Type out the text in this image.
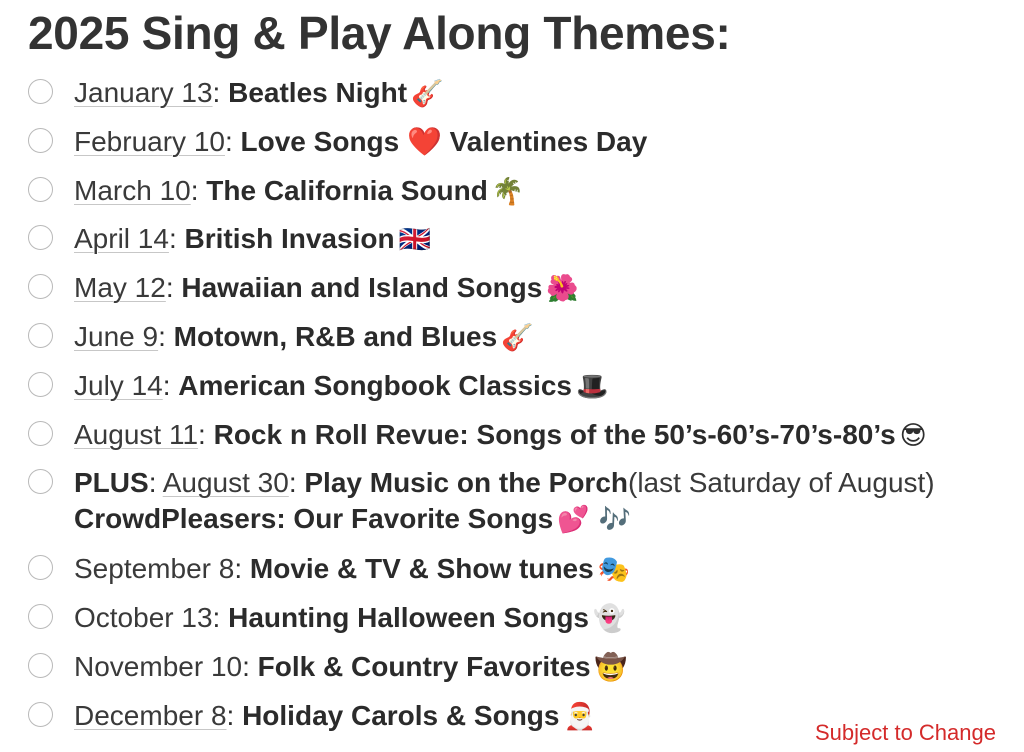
2025 Sing & Play Along Themes:
January 13: Beatles Night 🎸
February 10: Love Songs ❤️ Valentines Day
March 10: The California Sound 🌴
April 14: British Invasion 🇬🇧
May 12: Hawaiian and Island Songs 🌺
June 9: Motown, R&B and Blues 🎸
July 14: American Songbook Classics 🎩
August 11: Rock n Roll Revue: Songs of the 50’s-60’s-70’s-80’s 😎
PLUS: August 30: Play Music on the Porch(last Saturday of August)
CrowdPleasers: Our Favorite Songs 💕 🎶
September 8: Movie & TV & Show tunes 🎭
October 13: Haunting Halloween Songs 👻
November 10: Folk & Country Favorites 🤠
December 8: Holiday Carols & Songs 🎅
Subject to Change
